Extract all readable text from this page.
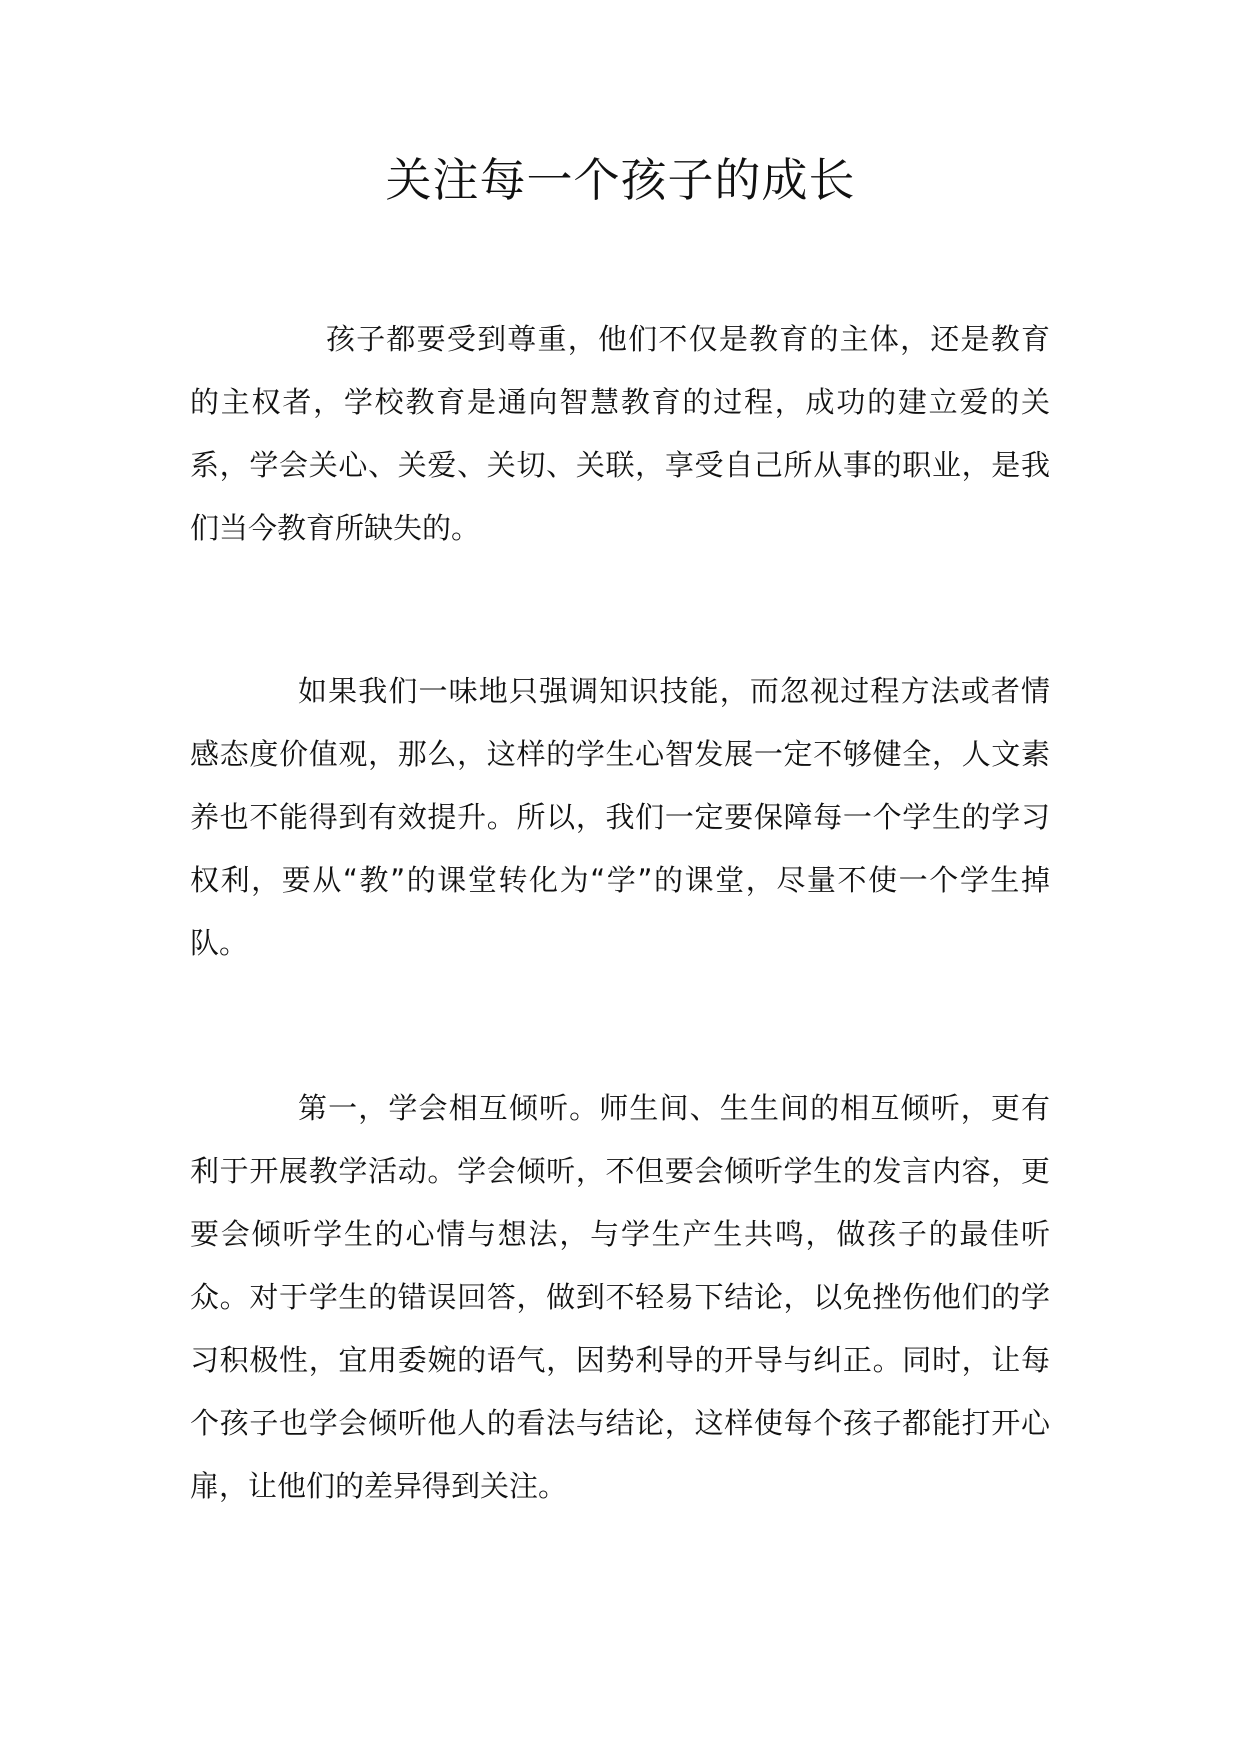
关注每一个孩子的成长

孩子都要受到尊重，他们不仅是教育的主体，还是教育的主权者，学校教育是通向智慧教育的过程，成功的建立爱的关系，学会关心、关爱、关切、关联，享受自己所从事的职业，是我们当今教育所缺失的。

如果我们一味地只强调知识技能，而忽视过程方法或者情感态度价值观，那么，这样的学生心智发展一定不够健全，人文素养也不能得到有效提升。所以，我们一定要保障每一个学生的学习权利，要从“教”的课堂转化为“学”的课堂，尽量不使一个学生掉队。

第一，学会相互倾听。师生间、生生间的相互倾听，更有利于开展教学活动。学会倾听，不但要会倾听学生的发言内容，更要会倾听学生的心情与想法，与学生产生共鸣，做孩子的最佳听众。对于学生的错误回答，做到不轻易下结论，以免挫伤他们的学习积极性，宜用委婉的语气，因势利导的开导与纠正。同时，让每个孩子也学会倾听他人的看法与结论，这样使每个孩子都能打开心扉，让他们的差异得到关注。
